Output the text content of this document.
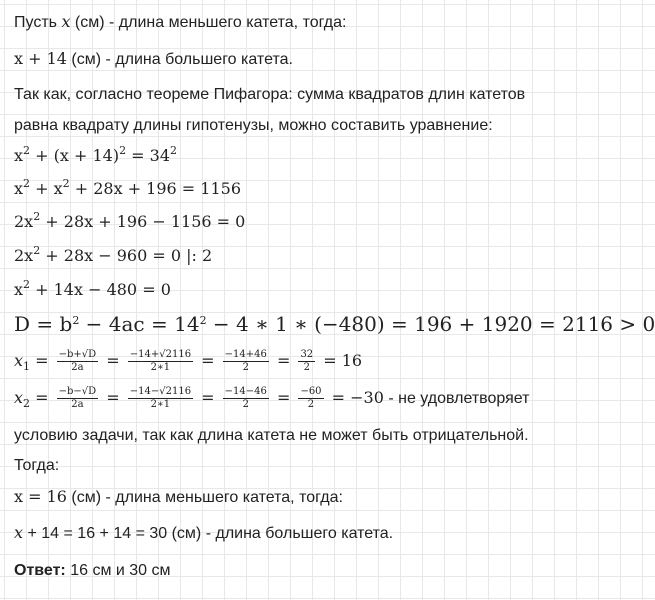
Пусть x (см) - длина меньшего катета, тогда:
x + 14 (см) - длина большего катета.
Так как, согласно теореме Пифагора: сумма квадратов длин катетов
равна квадрату длины гипотенузы, можно составить уравнение:
$x^2 + (x + 14)^2 = 34^2$
$x^2 + x^2 + 28x + 196 = 1156$
$2x^2 + 28x + 196 - 1156 = 0$
$2x^2 + 28x - 960 = 0$ |: 2
$x^2 + 14x - 480 = 0$
$D = b^2 - 4ac = 14^2 - 4$ ∗ 1 ∗ (−480) = 196 + 1920 = 2116 > 0
$x_1 = \frac{-b+√D}{2a} = \frac{-14+√2116}{2∗1} = \frac{-14+46}{2} = \frac{32}{2} = 16$
$x_2 = \frac{-b-√D}{2a} = \frac{-14-√2116}{2∗1} = \frac{-14-46}{2} = \frac{-60}{2} = -30$ - не удовлетворяет
условию задачи, так как длина катета не может быть отрицательной.
Тогда:
x = 16 (см) - длина меньшего катета, тогда:
x + 14 = 16 + 14 = 30 (см) - длина большего катета.
Ответ: 16 см и 30 см
